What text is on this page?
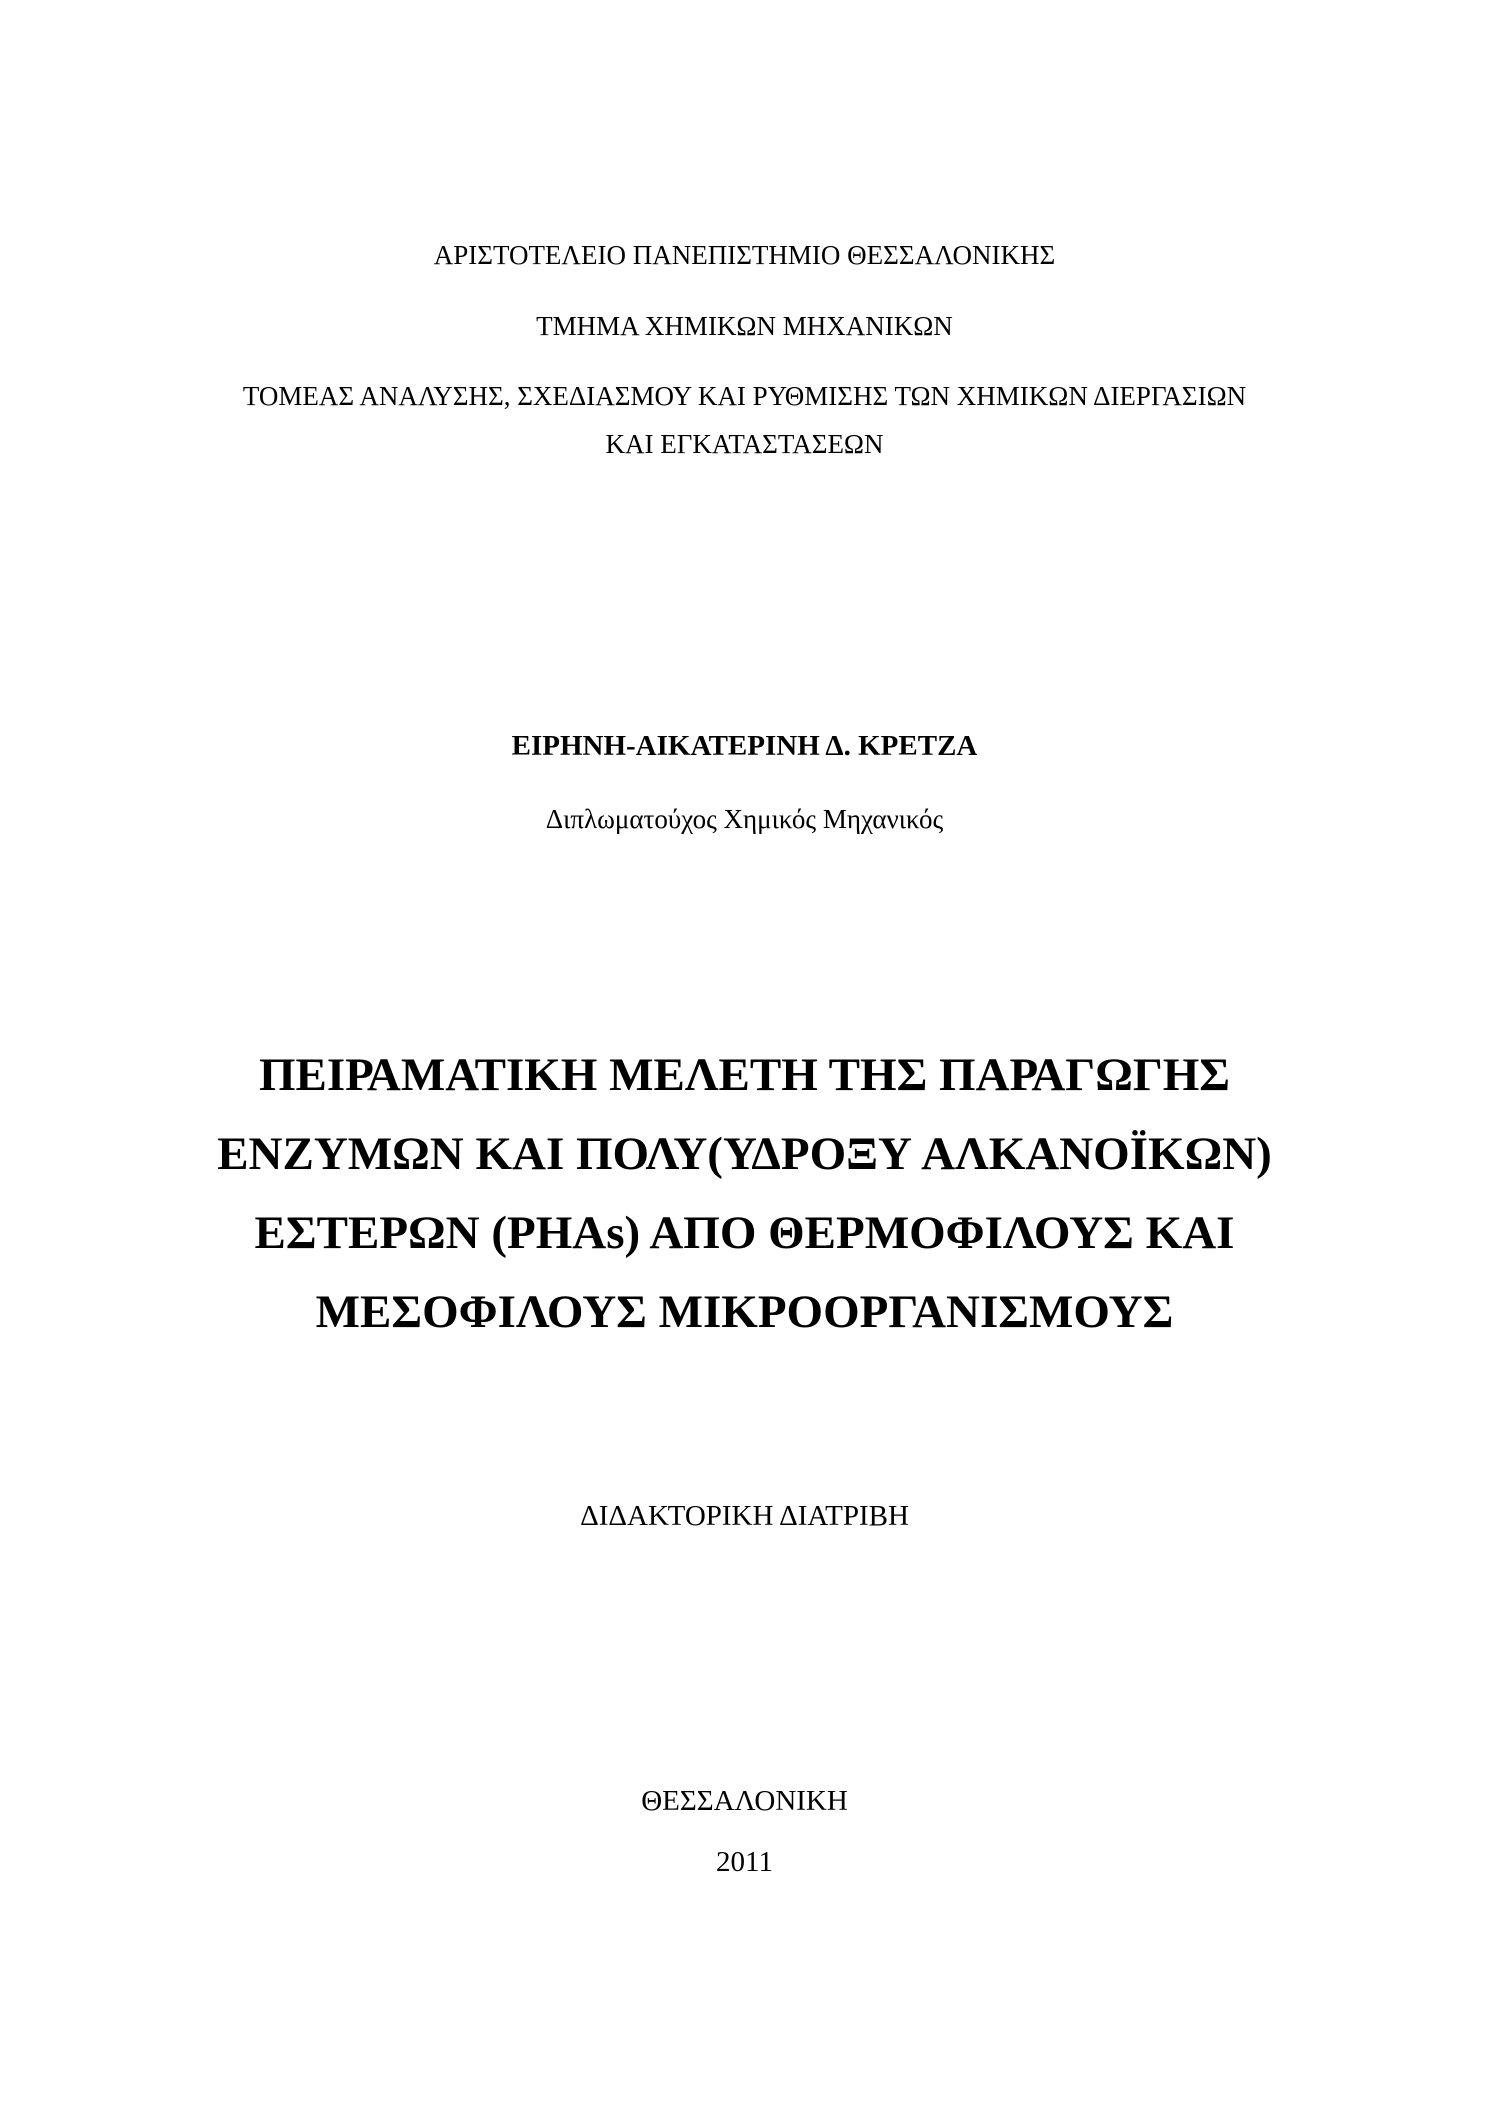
ΑΡΙΣΤΟΤΕΛΕΙΟ ΠΑΝΕΠΙΣΤΗΜΙΟ ΘΕΣΣΑΛΟΝΙΚΗΣ
ΤΜΗΜΑ ΧΗΜΙΚΩΝ ΜΗΧΑΝΙΚΩΝ
ΤΟΜΕΑΣ ΑΝΑΛΥΣΗΣ, ΣΧΕΔΙΑΣΜΟΥ ΚΑΙ ΡΥΘΜΙΣΗΣ ΤΩΝ ΧΗΜΙΚΩΝ ΔΙΕΡΓΑΣΙΩΝ
ΚΑΙ ΕΓΚΑΤΑΣΤΑΣΕΩΝ
ΕΙΡΗΝΗ-ΑΙΚΑΤΕΡΙΝΗ Δ. ΚΡΕΤΖΑ
Διπλωματούχος Χημικός Μηχανικός
ΠΕΙΡΑΜΑΤΙΚΗ ΜΕΛΕΤΗ ΤΗΣ ΠΑΡΑΓΩΓΗΣ
ΕΝΖΥΜΩΝ ΚΑΙ ΠΟΛΥ(ΥΔΡΟΞΥ ΑΛΚΑΝΟΪΚΩΝ)
ΕΣΤΕΡΩΝ (PHAs) ΑΠΟ ΘΕΡΜΟΦΙΛΟΥΣ ΚΑΙ
ΜΕΣΟΦΙΛΟΥΣ ΜΙΚΡΟΟΡΓΑΝΙΣΜΟΥΣ
ΔΙΔΑΚΤΟΡΙΚΗ ΔΙΑΤΡΙΒΗ
ΘΕΣΣΑΛΟΝΙΚΗ
2011
